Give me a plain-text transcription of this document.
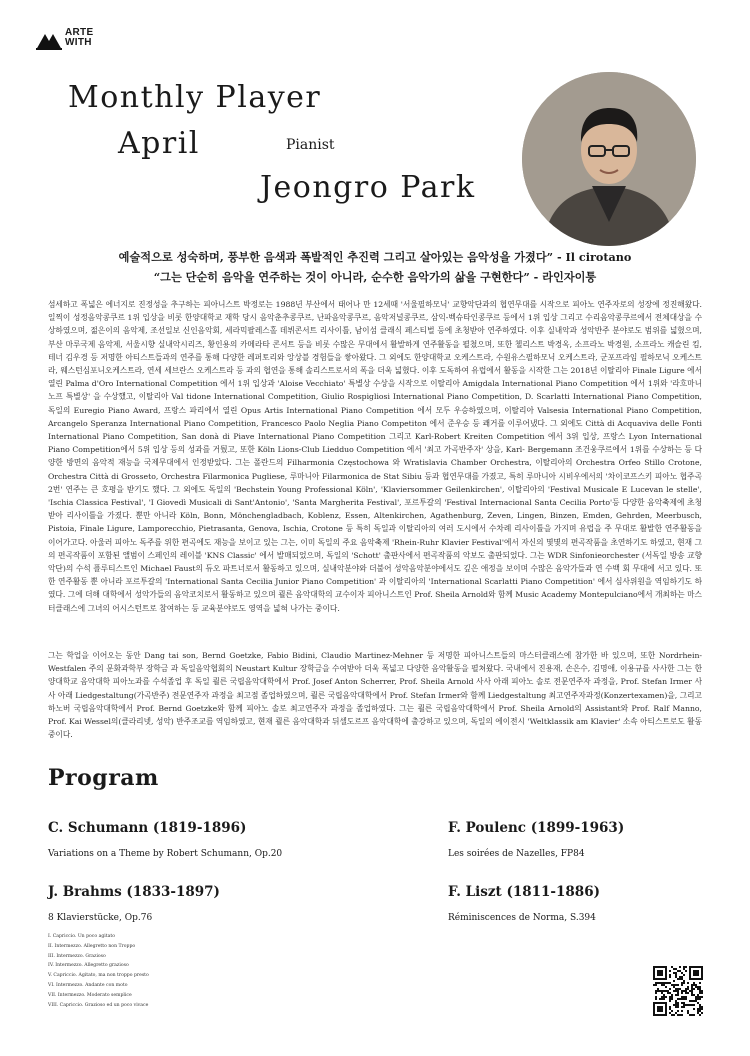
ARTE
WITH
Monthly Player
April	Pianist
Jeongro Park
예술적으로 성숙하며, 풍부한 음색과 폭발적인 추진력 그리고 살아있는 음악성을 가졌다” - Il cirotano
“그는 단순히 음악을 연주하는 것이 아니라, 순수한 음악가의 삶을 구현한다” - 라인자이퉁
섬세하고 폭넓은 에너지로 진정성을 추구하는 피아니스트 박정로는 1988년 부산에서 태어나 만 12세때 '서울필하모닉' 교향악단과의 협연무대를 시작으로 피아노 연주자로의 성장에 정진해왔다. 일찍이 성정음악콩쿠르 1위 입상을 비롯 한양대학교 재학 당시 음악춘추콩쿠르, 난파음악콩쿠르, 음악저널콩쿠르, 삼익-벡슈타인콩쿠르 등에서 1위 입상 그리고 수리음악콩쿠르에서 전체대상을 수상하였으며, 젊은이의 음악제, 조선일보 신인음악회, 세라믹팔레스홀 데뷔콘서트 리사이틀, 남이섬 클래식 페스티벌 등에 초청받아 연주하였다. 이후 실내악과 성악반주 분야로도 범위를 넓혔으며, 부산 마루국제 음악제, 서울시향 실내악시리즈, 황인용의 카메라타 콘서트 등을 비롯 수많은 무대에서 활발하게 연주활동을 펼쳤으며, 또한 첼리스트 박경옥, 소프라노 박경원, 소프라노 캐슬린 킴, 테너 김우경 등 저명한 아티스트들과의 연주를 통해 다양한 레퍼토리와 앙상블 경험들을 쌓아왔다. 그 외에도 한양대학교 오케스트라, 수원유스필하모닉 오케스트라, 군포프라임 필하모닉 오케스트라, 웨스턴심포니오케스트라, 연세 세브란스 오케스트라 등 과의 협연을 통해 솔리스트로서의 폭을 더욱 넓혔다. 이후 도독하여 유럽에서 활동을 시작한 그는 2018년 이탈리아 Finale Ligure 에서 열린 Palma d'Oro International Competition 에서 1위 입상과 'Aloise Vecchiato' 특별상 수상을 시작으로 이탈리아 Amigdala International Piano Competition 에서 1위와 '라흐마니노프 특별상' 을 수상했고, 이탈리아 Val tidone International Competition, Giulio Rospigliosi International Piano Competition, D. Scarlatti International Piano Competition, 독일의 Euregio Piano Award, 프랑스 파리에서 열린 Opus Artis International Piano Competition 에서 모두 우승하였으며, 이탈리아 Valsesia International Piano Competition, Arcangelo Speranza International Piano Competition, Francesco Paolo Neglia Piano Competiton 에서 준우승 등 쾌거를 이루어냈다. 그 외에도 Città di Acquaviva delle Fonti International Piano Competition, San donà di Piave International Piano Competition 그리고 Karl-Robert Kreiten Competition 에서 3위 입상, 프랑스 Lyon International Piano Competition에서 5위 입상 등의 성과를 거뒀고, 또한 Köln Lions-Club Liedduo Competition 에서 '최고 가곡반주자' 상을, Karl- Bergemann 조건웅쿠르에서 1위를 수상하는 등 다양한 방면의 음악적 재능을 국제무대에서 인정받았다. 그는 폴란드의 Filharmonia Częstochowa 와 Wratislavia Chamber Orchestra, 이탈리아의 Orchestra Orfeo Stillo Crotone, Orchestra Città di Grosseto, Orchestra Filarmonica Pugliese, 루마니아 Filarmonica de Stat Sibiu 등과 협연무대를 가졌고, 특히 루마니아 시비우에서의 '차이코프스키 피아노 협주곡 2번' 연주는 큰 호평을 받기도 했다. 그 외에도 독일의 'Bechstein Young Professional Köln', 'Klaviersommer Geilenkirchen', 이탈리아의 'Festival Musicale E Lucevan le stelle', 'Ischia Classica Festival', 'I Giovedì Musicali di Sant'Antonio', 'Santa Margherita Festival', 포르투갈의 'Festival Internacional Santa Cecilia Porto'등 다양한 음악축제에 초청받아 리사이틀을 가졌다. 뿐만 아니라 Köln, Bonn, Mönchengladbach, Koblenz, Essen, Altenkirchen, Agathenburg, Zeven, Lingen, Binzen, Emden, Gehrden, Meerbusch, Pistoia, Finale Ligure, Lamporecchio, Pietrasanta, Genova, Ischia, Crotone 등 특히 독일과 이탈리아의 여러 도시에서 수차례 리사이틀을 가지며 유럽을 주 무대로 활발한 연주활동을 이어가고다. 아울러 피아노 독주를 위한 편곡에도 재능을 보이고 있는 그는, 이미 독일의 주요 음악축제 'Rhein-Ruhr Klavier Festival'에서 자신의 몇몇의 편곡작품을 초연하기도 하였고, 현재 그의 편곡작품이 포함된 앨범이 스페인의 레이블 'KNS Classic' 에서 발매되었으며, 독일의 'Schott' 출판사에서 편곡작품의 악보도 출판되었다. 그는 WDR Sinfonieorchester (서독일 방송 교향악단)의 수석 플루티스트인 Michael Faust의 듀오 파트너로서 활동하고 있으며, 실내악분야와 더불어 성악음악분야에서도 깊은 애정을 보이며 수많은 음악가들과 연 수백 회 무대에 서고 있다. 또한 연주활동 뿐 아니라 포르투갈의 'International Santa Cecilia Junior Piano Competition' 과 이탈리아의 'International Scarlatti Piano Competition' 에서 심사위원을 역임하기도 하였다. 그에 더해 대학에서 성악가들의 음악코치로서 활동하고 있으며 쾰른 음악대학의 교수이자 피아니스트인 Prof. Sheila Arnold와 함께 Music Academy Montepulciano에서 개최하는 마스터클래스에 그녀의 어시스턴트로 참여하는 등 교육분야로도 영역을 넓혀 나가는 중이다.
그는 학업을 이어오는 동안 Dang tai son, Bernd Goetzke, Fabio Bidini, Claudio Martinez-Mehner 등 저명한 피아니스트들의 마스터클래스에 참가한 바 있으며, 또한 Nordrhein-Westfalen 주의 문화과학부 장학금 과 독일음악협회의 Neustart Kultur 장학금을 수여받아 더욱 폭넓고 다양한 음악활동을 펼쳐왔다. 국내에서 진용재, 손은수, 김명애, 이용규를 사사한 그는 한양대학교 음악대학 피아노과를 수석졸업 후 독일 쾰른 국립음악대학에서 Prof. Josef Anton Scherrer, Prof. Sheila Arnold 사사 아래 피아노 솔로 전문연주자 과정을, Prof. Stefan Irmer 사사 아래 Liedgestaltung(가곡반주) 전문연주자 과정을 최고점 졸업하였으며, 쾰른 국립음악대학에서 Prof. Stefan Irmer와 함께 Liedgestaltung 최고연주자과정(Konzertexamen)을, 그리고 하노버 국립음악대학에서 Prof. Bernd Goetzke와 함께 피아노 솔로 최고연주자 과정을 졸업하였다. 그는 쾰른 국립음악대학에서 Prof. Sheila Arnold의 Assistant와 Prof. Ralf Manno, Prof. Kai Wessel의(클라리넷, 성악) 반주조교를 역임하였고, 현재 쾰른 음악대학과 뒤셀도르프 음악대학에 출강하고 있으며, 독일의 에이전시 'Weltklassik am Klavier' 소속 아티스트로도 활동중이다.
Program
C. Schumann (1819-1896)
Variations on a Theme by Robert Schumann, Op.20
J. Brahms (1833-1897)
8 Klavierstücke, Op.76
F. Poulenc (1899-1963)
Les soirées de Nazelles, FP84
F. Liszt (1811-1886)
Réminiscences de Norma, S.394
I. Capriccio. Un poco agitato
II. Intermezzo. Allegretto non Troppo
III. Intermezzo. Grazioso
IV. Intermezzo. Allegretto grazioso
V. Capriccio. Agitato, ma non troppo presto
VI. Intermezzo. Andante con moto
VII. Intermezzo. Moderato semplice
VIII. Capriccio. Grazioso ed un poco vivace
